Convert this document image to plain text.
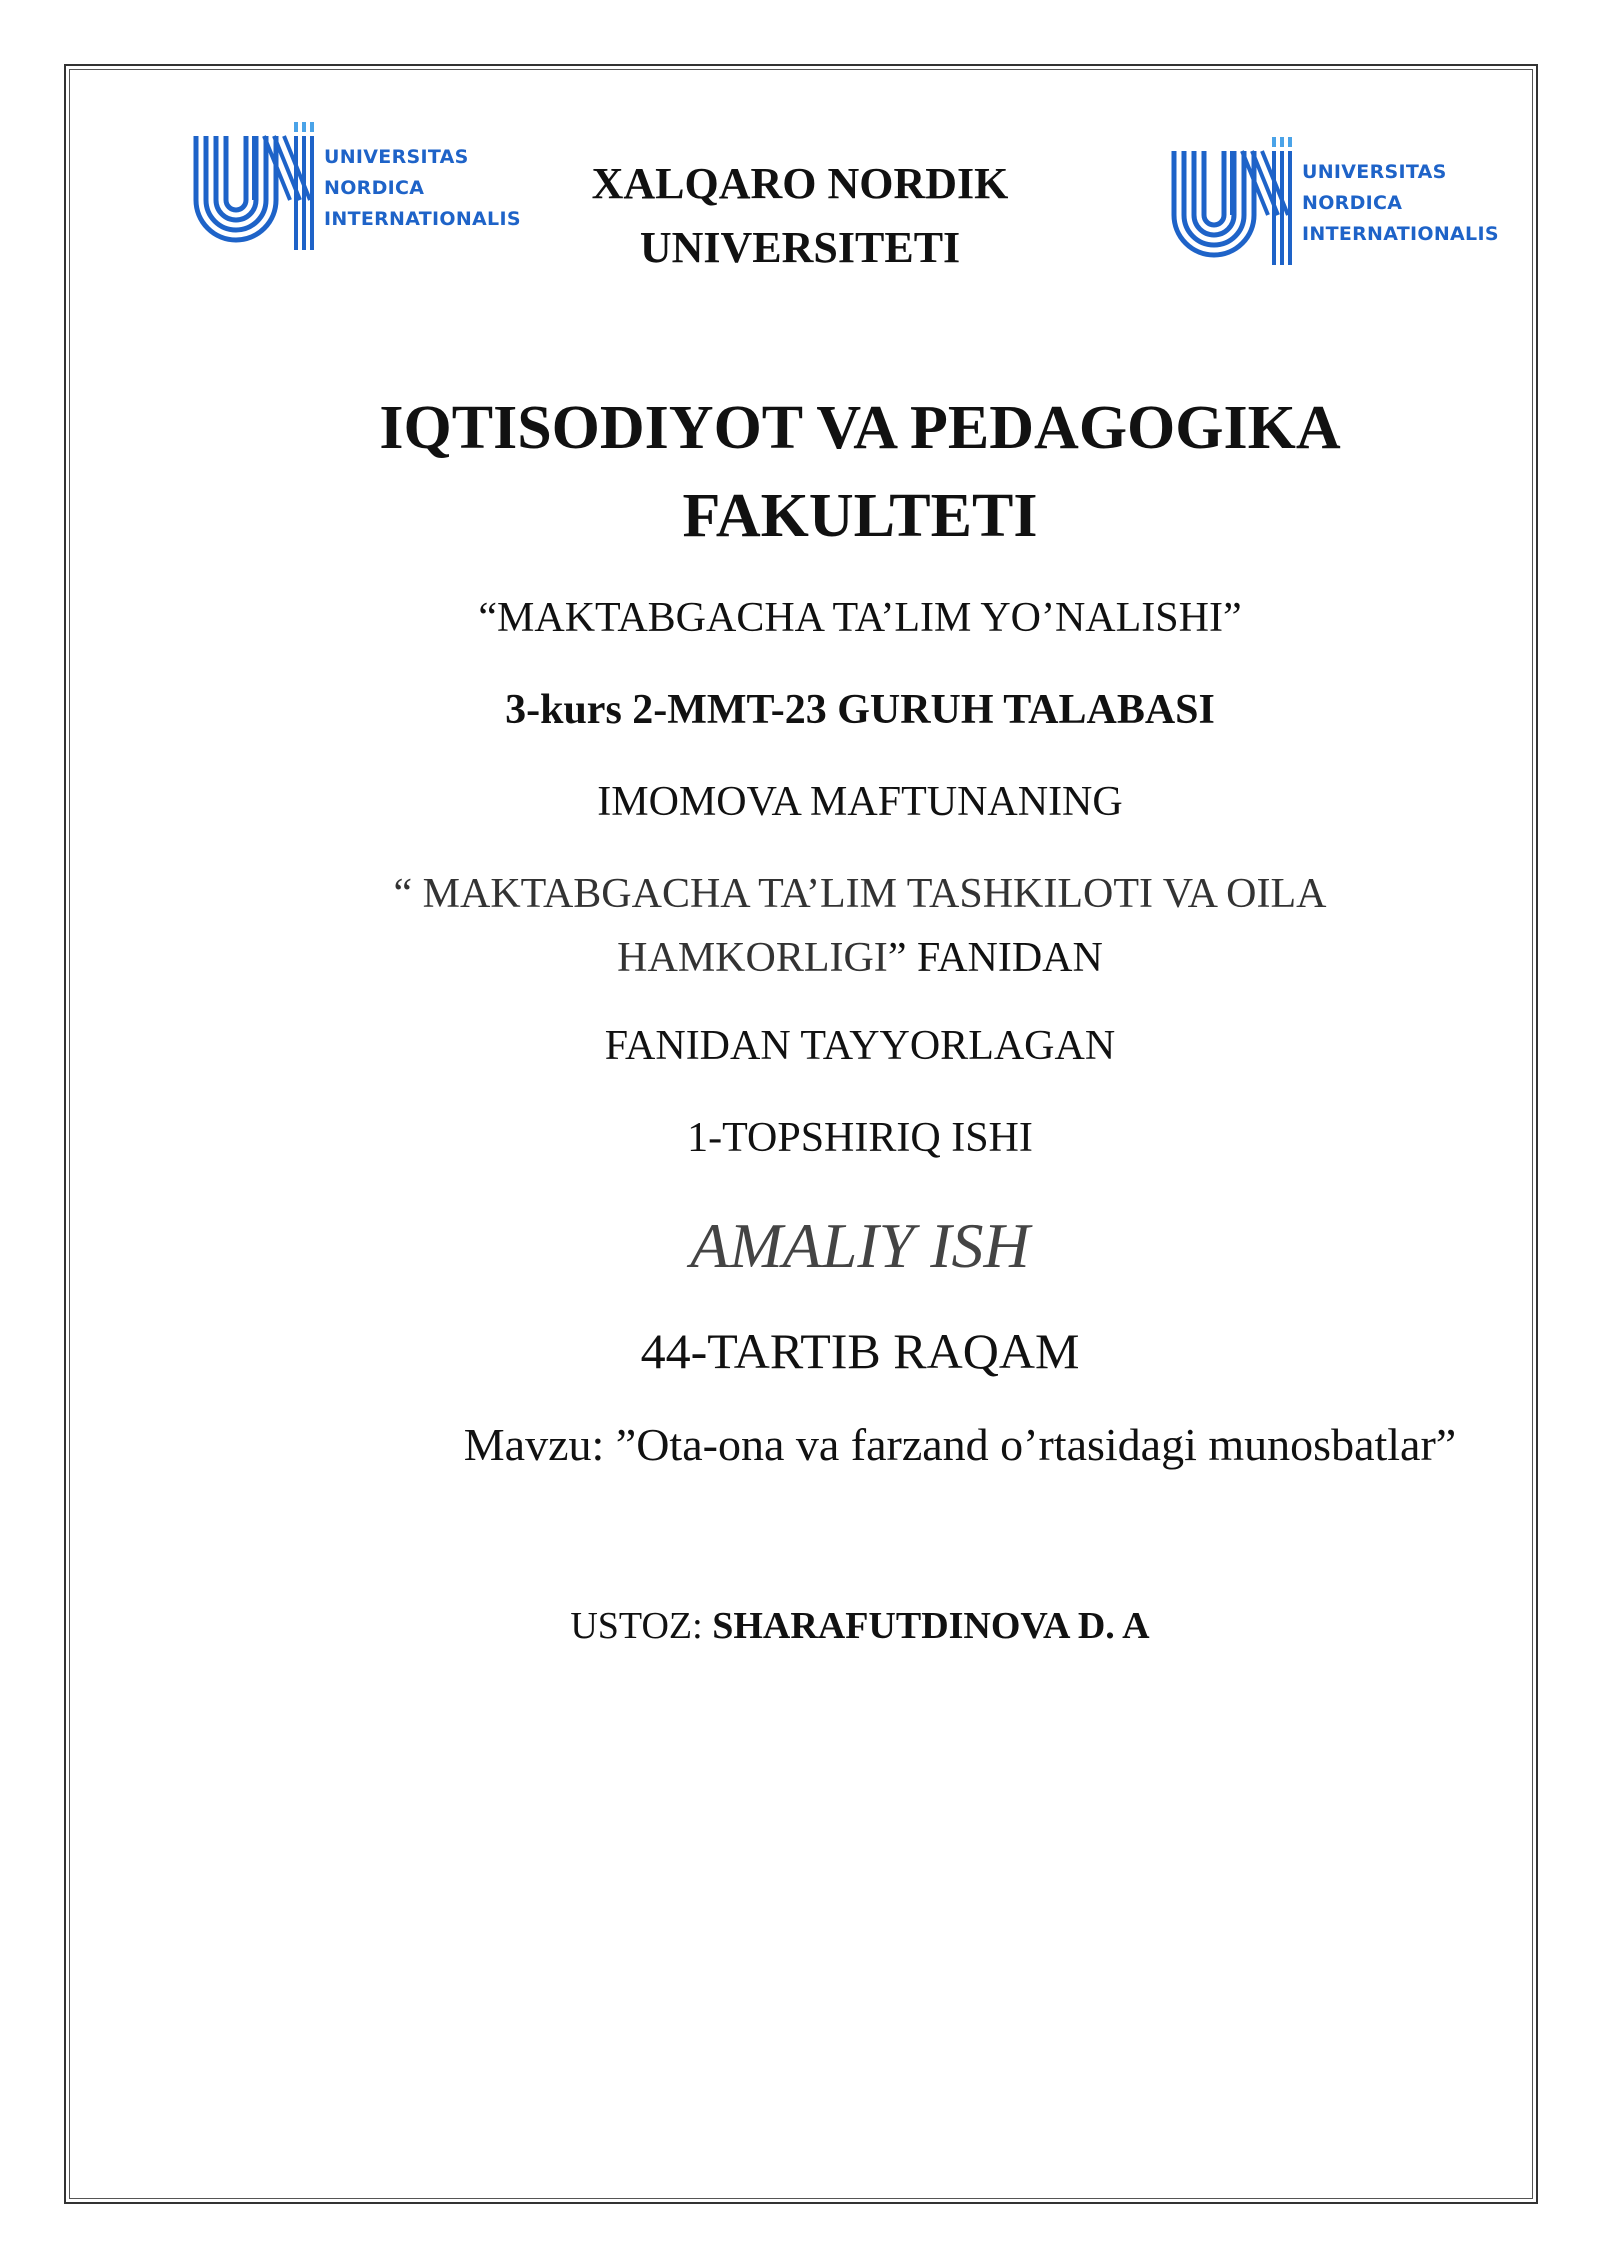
UNIVERSITAS
NORDICA
INTERNATIONALIS
UNIVERSITAS
NORDICA
INTERNATIONALIS
XALQARO NORDIK
UNIVERSITETI
IQTISODIYOT VA PEDAGOGIKA
FAKULTETI
“MAKTABGACHA TA’LIM YO’NALISHI”
3-kurs 2-MMT-23 GURUH TALABASI
IMOMOVA MAFTUNANING
“ MAKTABGACHA TA’LIM TASHKILOTI VA OILA
HAMKORLIGI” FANIDAN
FANIDAN TAYYORLAGAN
1-TOPSHIRIQ ISHI
AMALIY ISH
44-TARTIB RAQAM
Mavzu: ”Ota-ona va farzand o’rtasidagi munosbatlar”
USTOZ: SHARAFUTDINOVA D. A
